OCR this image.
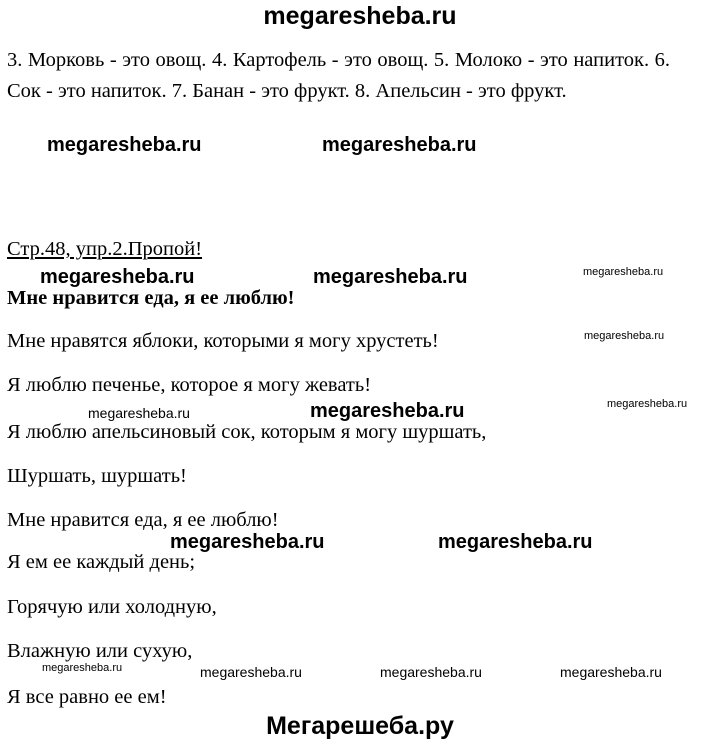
megaresheba.ru
3. Морковь - это овощ. 4. Картофель - это овощ. 5. Молоко - это напиток. 6. Сок - это напиток. 7. Банан - это фрукт. 8. Апельсин - это фрукт.
megaresheba.ru	megaresheba.ru
Стр.48, упр.2.Пропой!
megaresheba.ru	megaresheba.ru	megaresheba.ru
Мне нравится еда, я ее люблю!
Мне нравятся яблоки, которыми я могу хрустеть!	megaresheba.ru
Я люблю печенье, которое я могу жевать!
megaresheba.ru	megaresheba.ru	megaresheba.ru
Я люблю апельсиновый сок, которым я могу шуршать,
Шуршать, шуршать!
Мне нравится еда, я ее люблю!
megaresheba.ru	megaresheba.ru
Я ем ее каждый день;
Горячую или холодную,
Влажную или сухую,
megaresheba.ru	megaresheba.ru	megaresheba.ru	megaresheba.ru
Я все равно ее ем!
Мегарешеба.ру
